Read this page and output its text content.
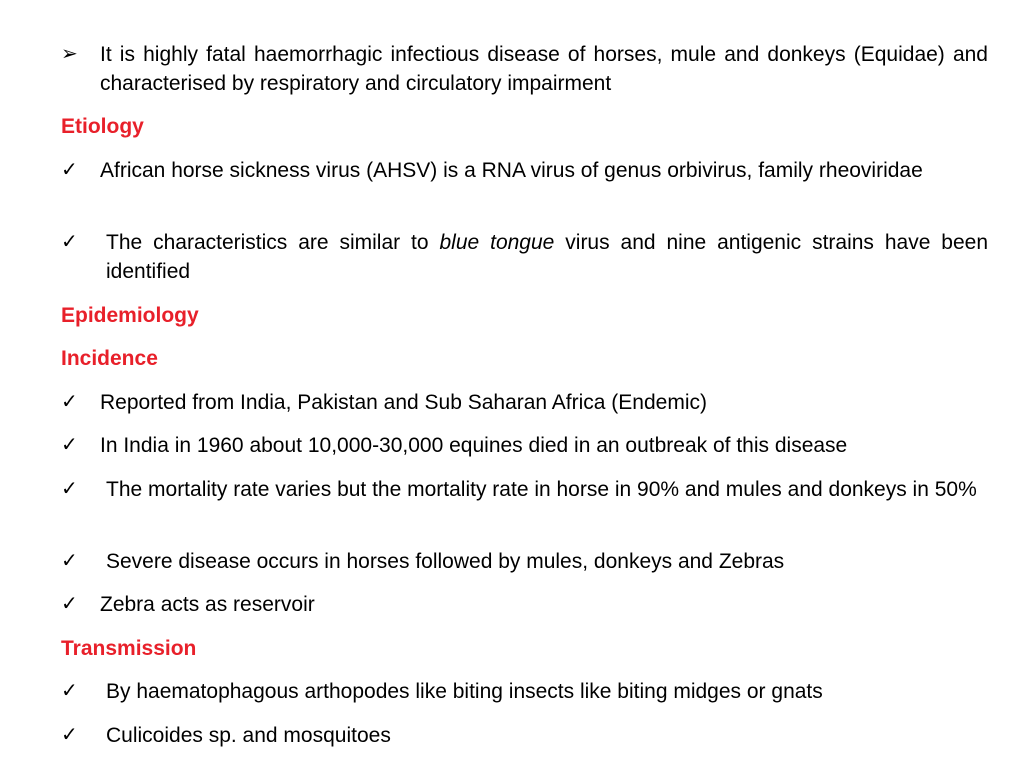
➢	It is highly fatal haemorrhagic infectious disease of horses, mule and donkeys (Equidae) and characterised by respiratory and circulatory impairment
Etiology
✓	African horse sickness virus (AHSV) is a RNA virus of genus orbivirus, family rheoviridae
✓	The characteristics are similar to blue tongue virus and nine antigenic strains have been identified
Epidemiology
Incidence
✓	Reported from India, Pakistan and Sub Saharan Africa (Endemic)
✓	In India in 1960 about 10,000-30,000 equines died in an outbreak of this disease
✓	The mortality rate varies but the mortality rate in horse in 90% and mules and donkeys in 50%
✓	Severe disease occurs in horses followed by mules, donkeys and Zebras
✓	Zebra acts as reservoir
Transmission
✓	By haematophagous arthopodes like biting insects like biting midges or gnats
✓	Culicoides sp. and mosquitoes
